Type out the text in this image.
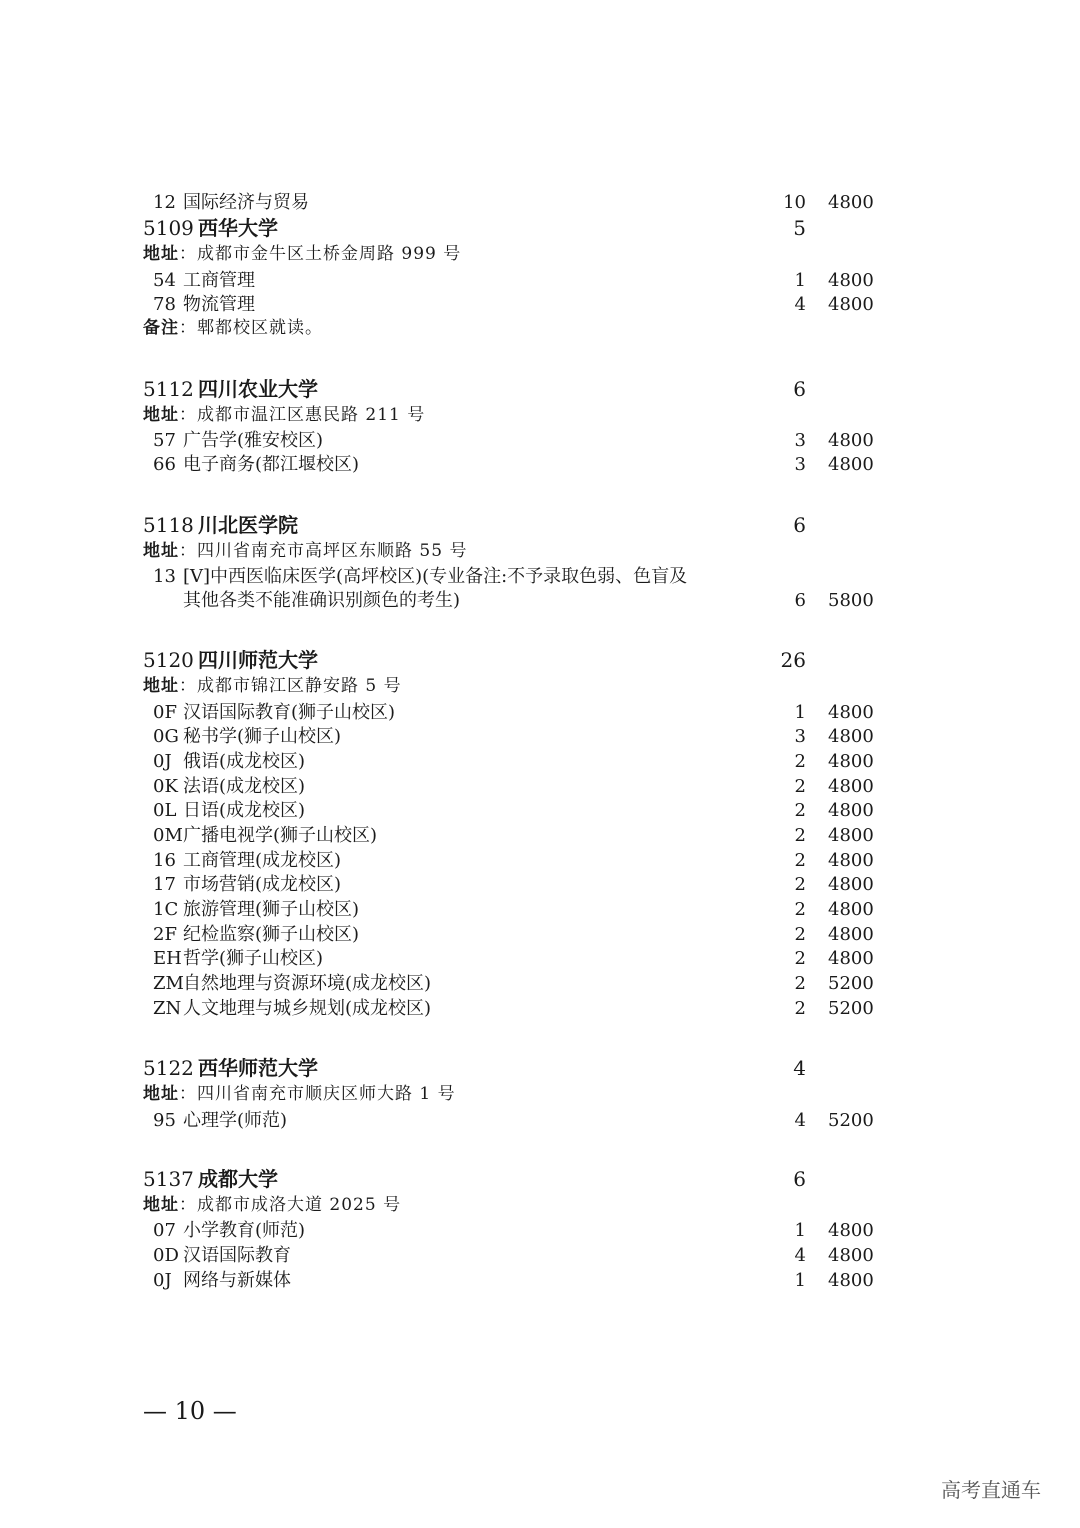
12 国际经济与贸易	10 4800
5109 西华大学	5
地址：成都市金牛区土桥金周路 999 号
54 工商管理	1 4800
78 物流管理	4 4800
备注：郫都校区就读。
5112 四川农业大学	6
地址：成都市温江区惠民路 211 号
57 广告学(雅安校区)	3 4800
66 电子商务(都江堰校区)	3 4800
5118 川北医学院	6
地址：四川省南充市高坪区东顺路 55 号
13 [V]中西医临床医学(高坪校区)(专业备注:不予录取色弱、色盲及
其他各类不能准确识别颜色的考生)	6 5800
5120 四川师范大学	26
地址：成都市锦江区静安路 5 号
0F 汉语国际教育(狮子山校区)	1 4800
0G 秘书学(狮子山校区)	3 4800
0J 俄语(成龙校区)	2 4800
0K 法语(成龙校区)	2 4800
0L 日语(成龙校区)	2 4800
0M 广播电视学(狮子山校区)	2 4800
16 工商管理(成龙校区)	2 4800
17 市场营销(成龙校区)	2 4800
1C 旅游管理(狮子山校区)	2 4800
2F 纪检监察(狮子山校区)	2 4800
EH 哲学(狮子山校区)	2 4800
ZM 自然地理与资源环境(成龙校区)	2 5200
ZN 人文地理与城乡规划(成龙校区)	2 5200
5122 西华师范大学	4
地址：四川省南充市顺庆区师大路 1 号
95 心理学(师范)	4 5200
5137 成都大学	6
地址：成都市成洛大道 2025 号
07 小学教育(师范)	1 4800
0D 汉语国际教育	4 4800
0J 网络与新媒体	1 4800
— 10 —
高考直通车
